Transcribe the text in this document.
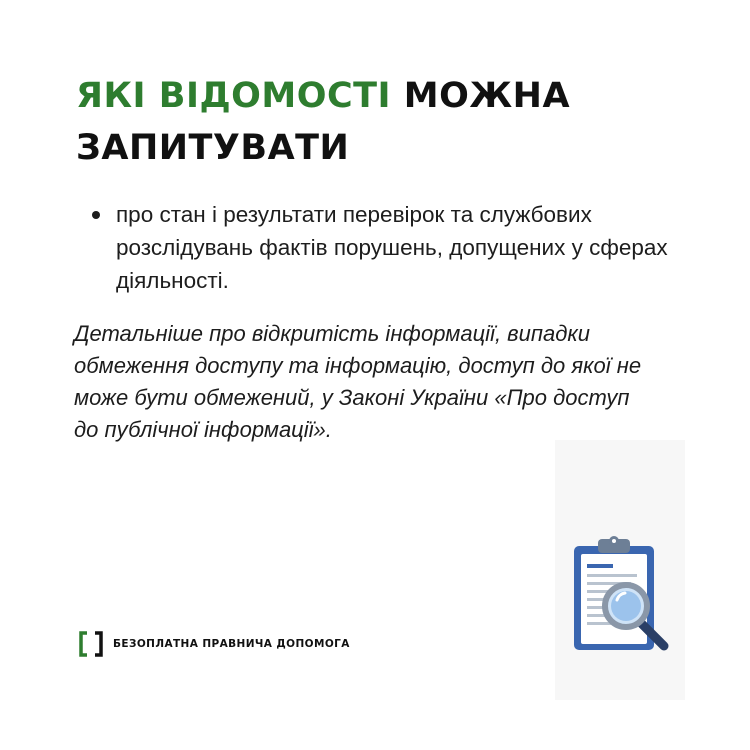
ЯКІ ВІДОМОСТІ МОЖНА
ЗАПИТУВАТИ
про стан і результати перевірок та службових розслідувань фактів порушень, допущених у сферах діяльності.

Детальніше про відкритість інформації, випадки обмеження доступу та інформацію, доступ до якої не може бути обмежений, у Законі України «Про доступ до публічної інформації».

БЕЗОПЛАТНА ПРАВНИЧА ДОПОМОГА
